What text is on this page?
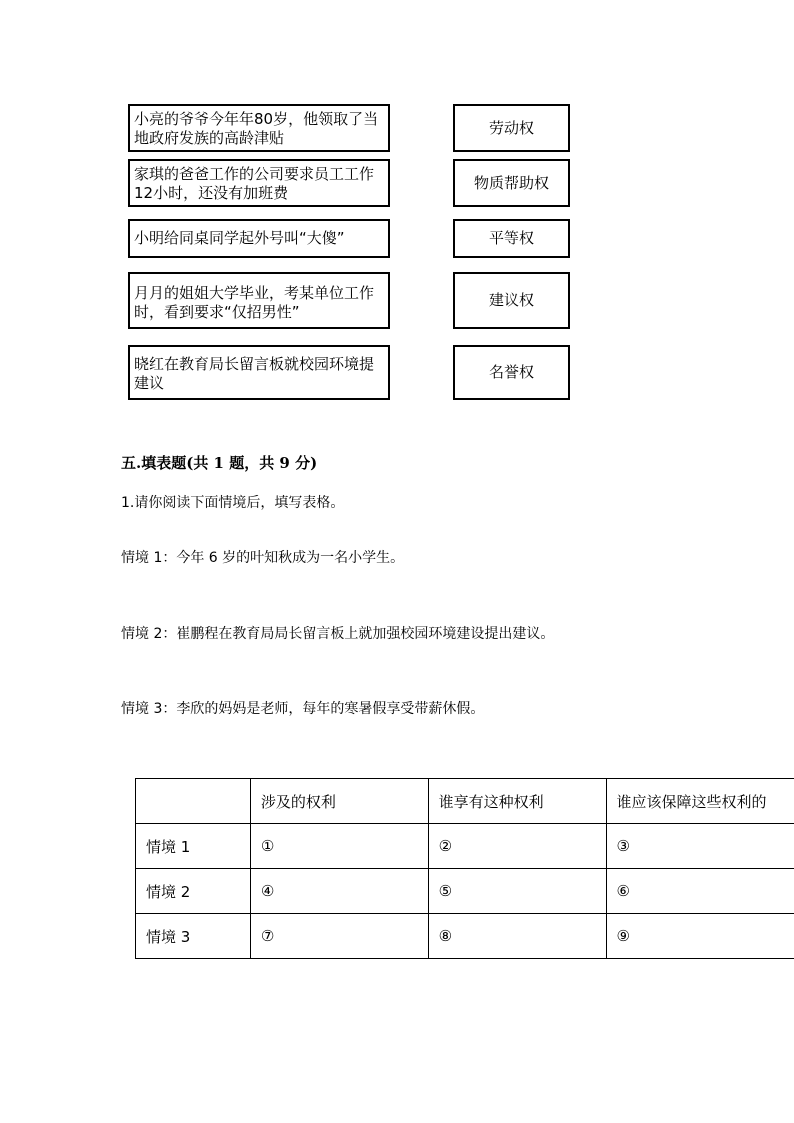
小亮的爷爷今年年80岁，他领取了当地政府发族的高龄津贴
家琪的爸爸工作的公司要求员工工作12小时，还没有加班费
小明给同桌同学起外号叫“大傻”
月月的姐姐大学毕业，考某单位工作时，看到要求“仅招男性”
晓红在教育局长留言板就校园环境提建议
劳动权
物质帮助权
平等权
建议权
名誉权
五.填表题(共 1 题，共 9 分)
1.请你阅读下面情境后，填写表格。
情境 1：今年 6 岁的叶知秋成为一名小学生。
情境 2：崔鹏程在教育局局长留言板上就加强校园环境建设提出建议。
情境 3：李欣的妈妈是老师，每年的寒暑假享受带薪休假。
	涉及的权利	谁享有这种权利	谁应该保障这些权利的
情境 1	①	②	③
情境 2	④	⑤	⑥
情境 3	⑦	⑧	⑨
